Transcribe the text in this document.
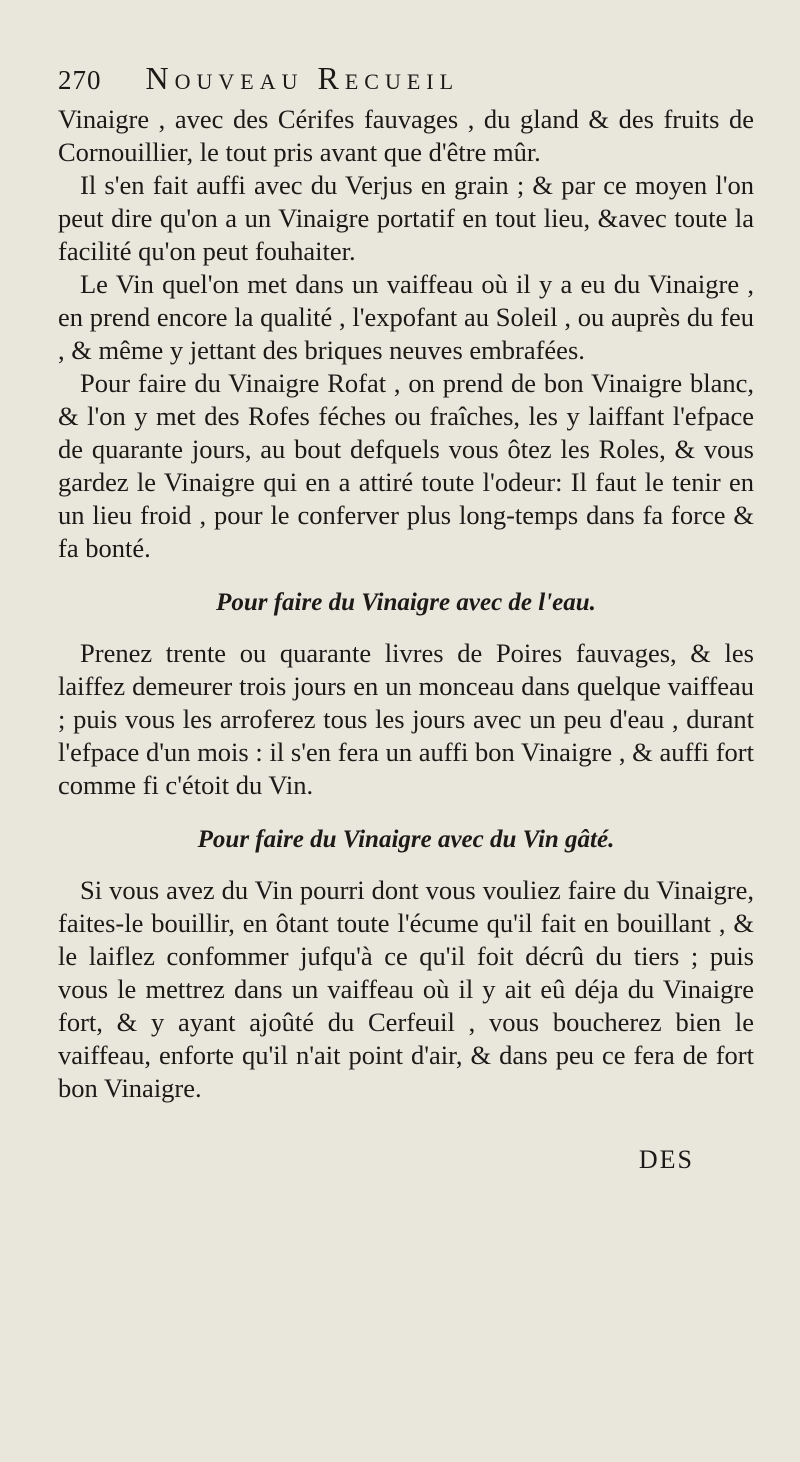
270 Nouveau Recueil

Vinaigre , avec des Cérifes fauvages , du gland & des fruits de Cornouillier, le tout pris avant que d'être mûr.

Il s'en fait auffi avec du Verjus en grain ; & par ce moyen l'on peut dire qu'on a un Vinaigre portatif en tout lieu, &avec toute la facilité qu'on peut fouhaiter.

Le Vin quel'on met dans un vaiffeau où il y a eu du Vinaigre , en prend encore la qualité , l'expofant au Soleil , ou auprès du feu , & même y jettant des briques neuves embrafées.

Pour faire du Vinaigre Rofat , on prend de bon Vinaigre blanc, & l'on y met des Rofes féches ou fraîches, les y laiffant l'efpace de quarante jours, au bout defquels vous ôtez les Roles, & vous gardez le Vinaigre qui en a attiré toute l'odeur: Il faut le tenir en un lieu froid , pour le conferver plus long-temps dans fa force & fa bonté.

Pour faire du Vinaigre avec de l'eau.

Prenez trente ou quarante livres de Poires fauvages, & les laiffez demeurer trois jours en un monceau dans quelque vaiffeau ; puis vous les arroferez tous les jours avec un peu d'eau , durant l'efpace d'un mois : il s'en fera un auffi bon Vinaigre , & auffi fort comme fi c'étoit du Vin.

Pour faire du Vinaigre avec du Vin gâté.

Si vous avez du Vin pourri dont vous vouliez faire du Vinaigre, faites-le bouillir, en ôtant toute l'écume qu'il fait en bouillant , & le laiflez confommer jufqu'à ce qu'il foit décrû du tiers ; puis vous le mettrez dans un vaiffeau où il y ait eû déja du Vinaigre fort, & y ayant ajoûté du Cerfeuil , vous boucherez bien le vaiffeau, enforte qu'il n'ait point d'air, & dans peu ce fera de fort bon Vinaigre.

DES
